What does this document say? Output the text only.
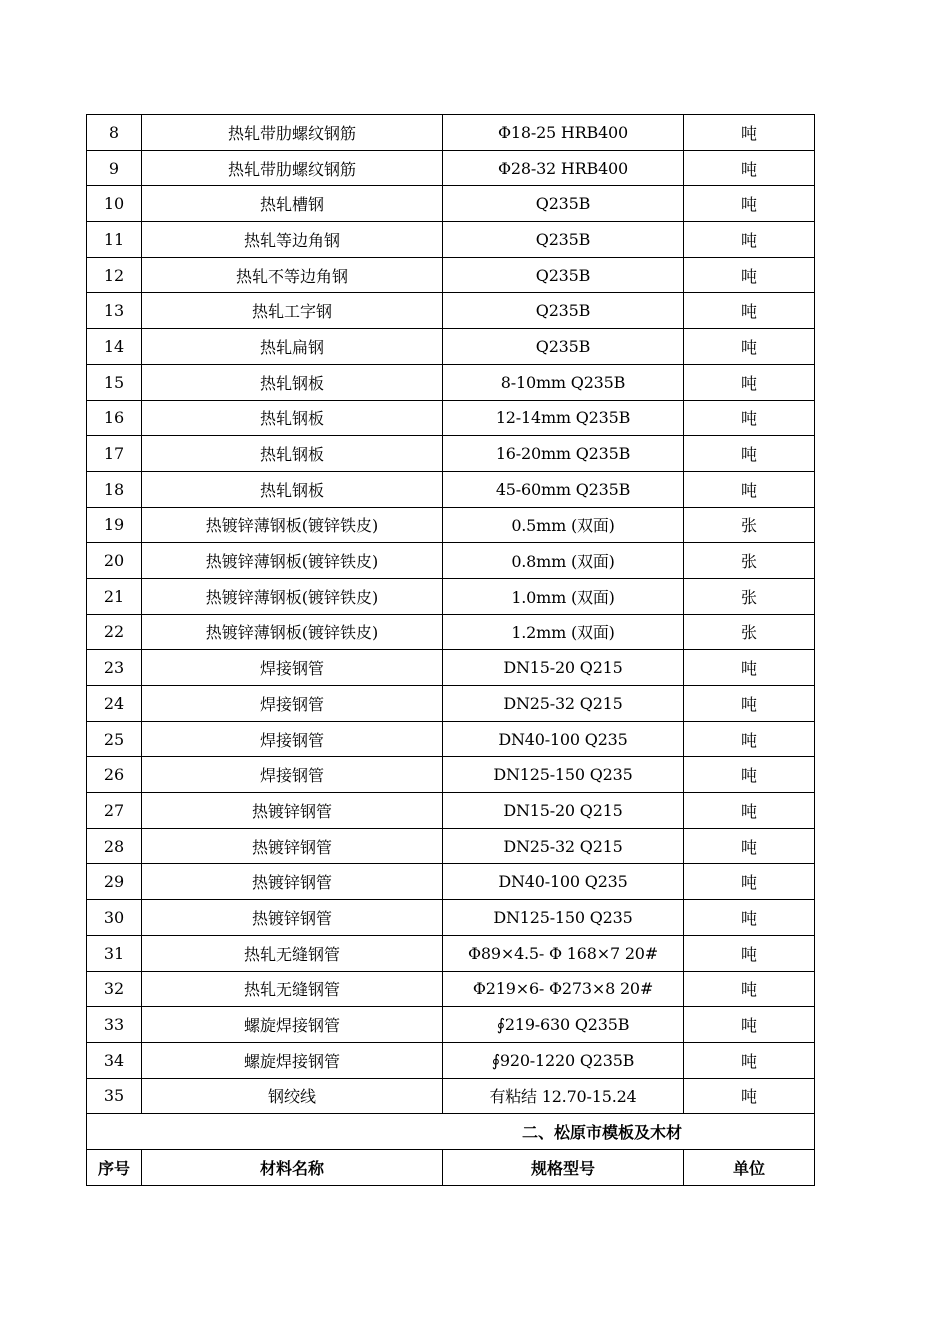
8	热轧带肋螺纹钢筋	Φ18-25 HRB400	吨
9	热轧带肋螺纹钢筋	Φ28-32 HRB400	吨
10	热轧槽钢	Q235B	吨
11	热轧等边角钢	Q235B	吨
12	热轧不等边角钢	Q235B	吨
13	热轧工字钢	Q235B	吨
14	热轧扁钢	Q235B	吨
15	热轧钢板	8-10mm Q235B	吨
16	热轧钢板	12-14mm Q235B	吨
17	热轧钢板	16-20mm Q235B	吨
18	热轧钢板	45-60mm Q235B	吨
19	热镀锌薄钢板(镀锌铁皮)	0.5mm (双面)	张
20	热镀锌薄钢板(镀锌铁皮)	0.8mm (双面)	张
21	热镀锌薄钢板(镀锌铁皮)	1.0mm (双面)	张
22	热镀锌薄钢板(镀锌铁皮)	1.2mm (双面)	张
23	焊接钢管	DN15-20 Q215	吨
24	焊接钢管	DN25-32 Q215	吨
25	焊接钢管	DN40-100 Q235	吨
26	焊接钢管	DN125-150 Q235	吨
27	热镀锌钢管	DN15-20 Q215	吨
28	热镀锌钢管	DN25-32 Q215	吨
29	热镀锌钢管	DN40-100 Q235	吨
30	热镀锌钢管	DN125-150 Q235	吨
31	热轧无缝钢管	Φ89×4.5- Φ 168×7 20#	吨
32	热轧无缝钢管	Φ219×6- Φ273×8 20#	吨
33	螺旋焊接钢管	∮219-630 Q235B	吨
34	螺旋焊接钢管	∮920-1220 Q235B	吨
35	钢绞线	有粘结 12.70-15.24	吨
二、松原市模板及木材			
序号	材料名称	规格型号	单位
